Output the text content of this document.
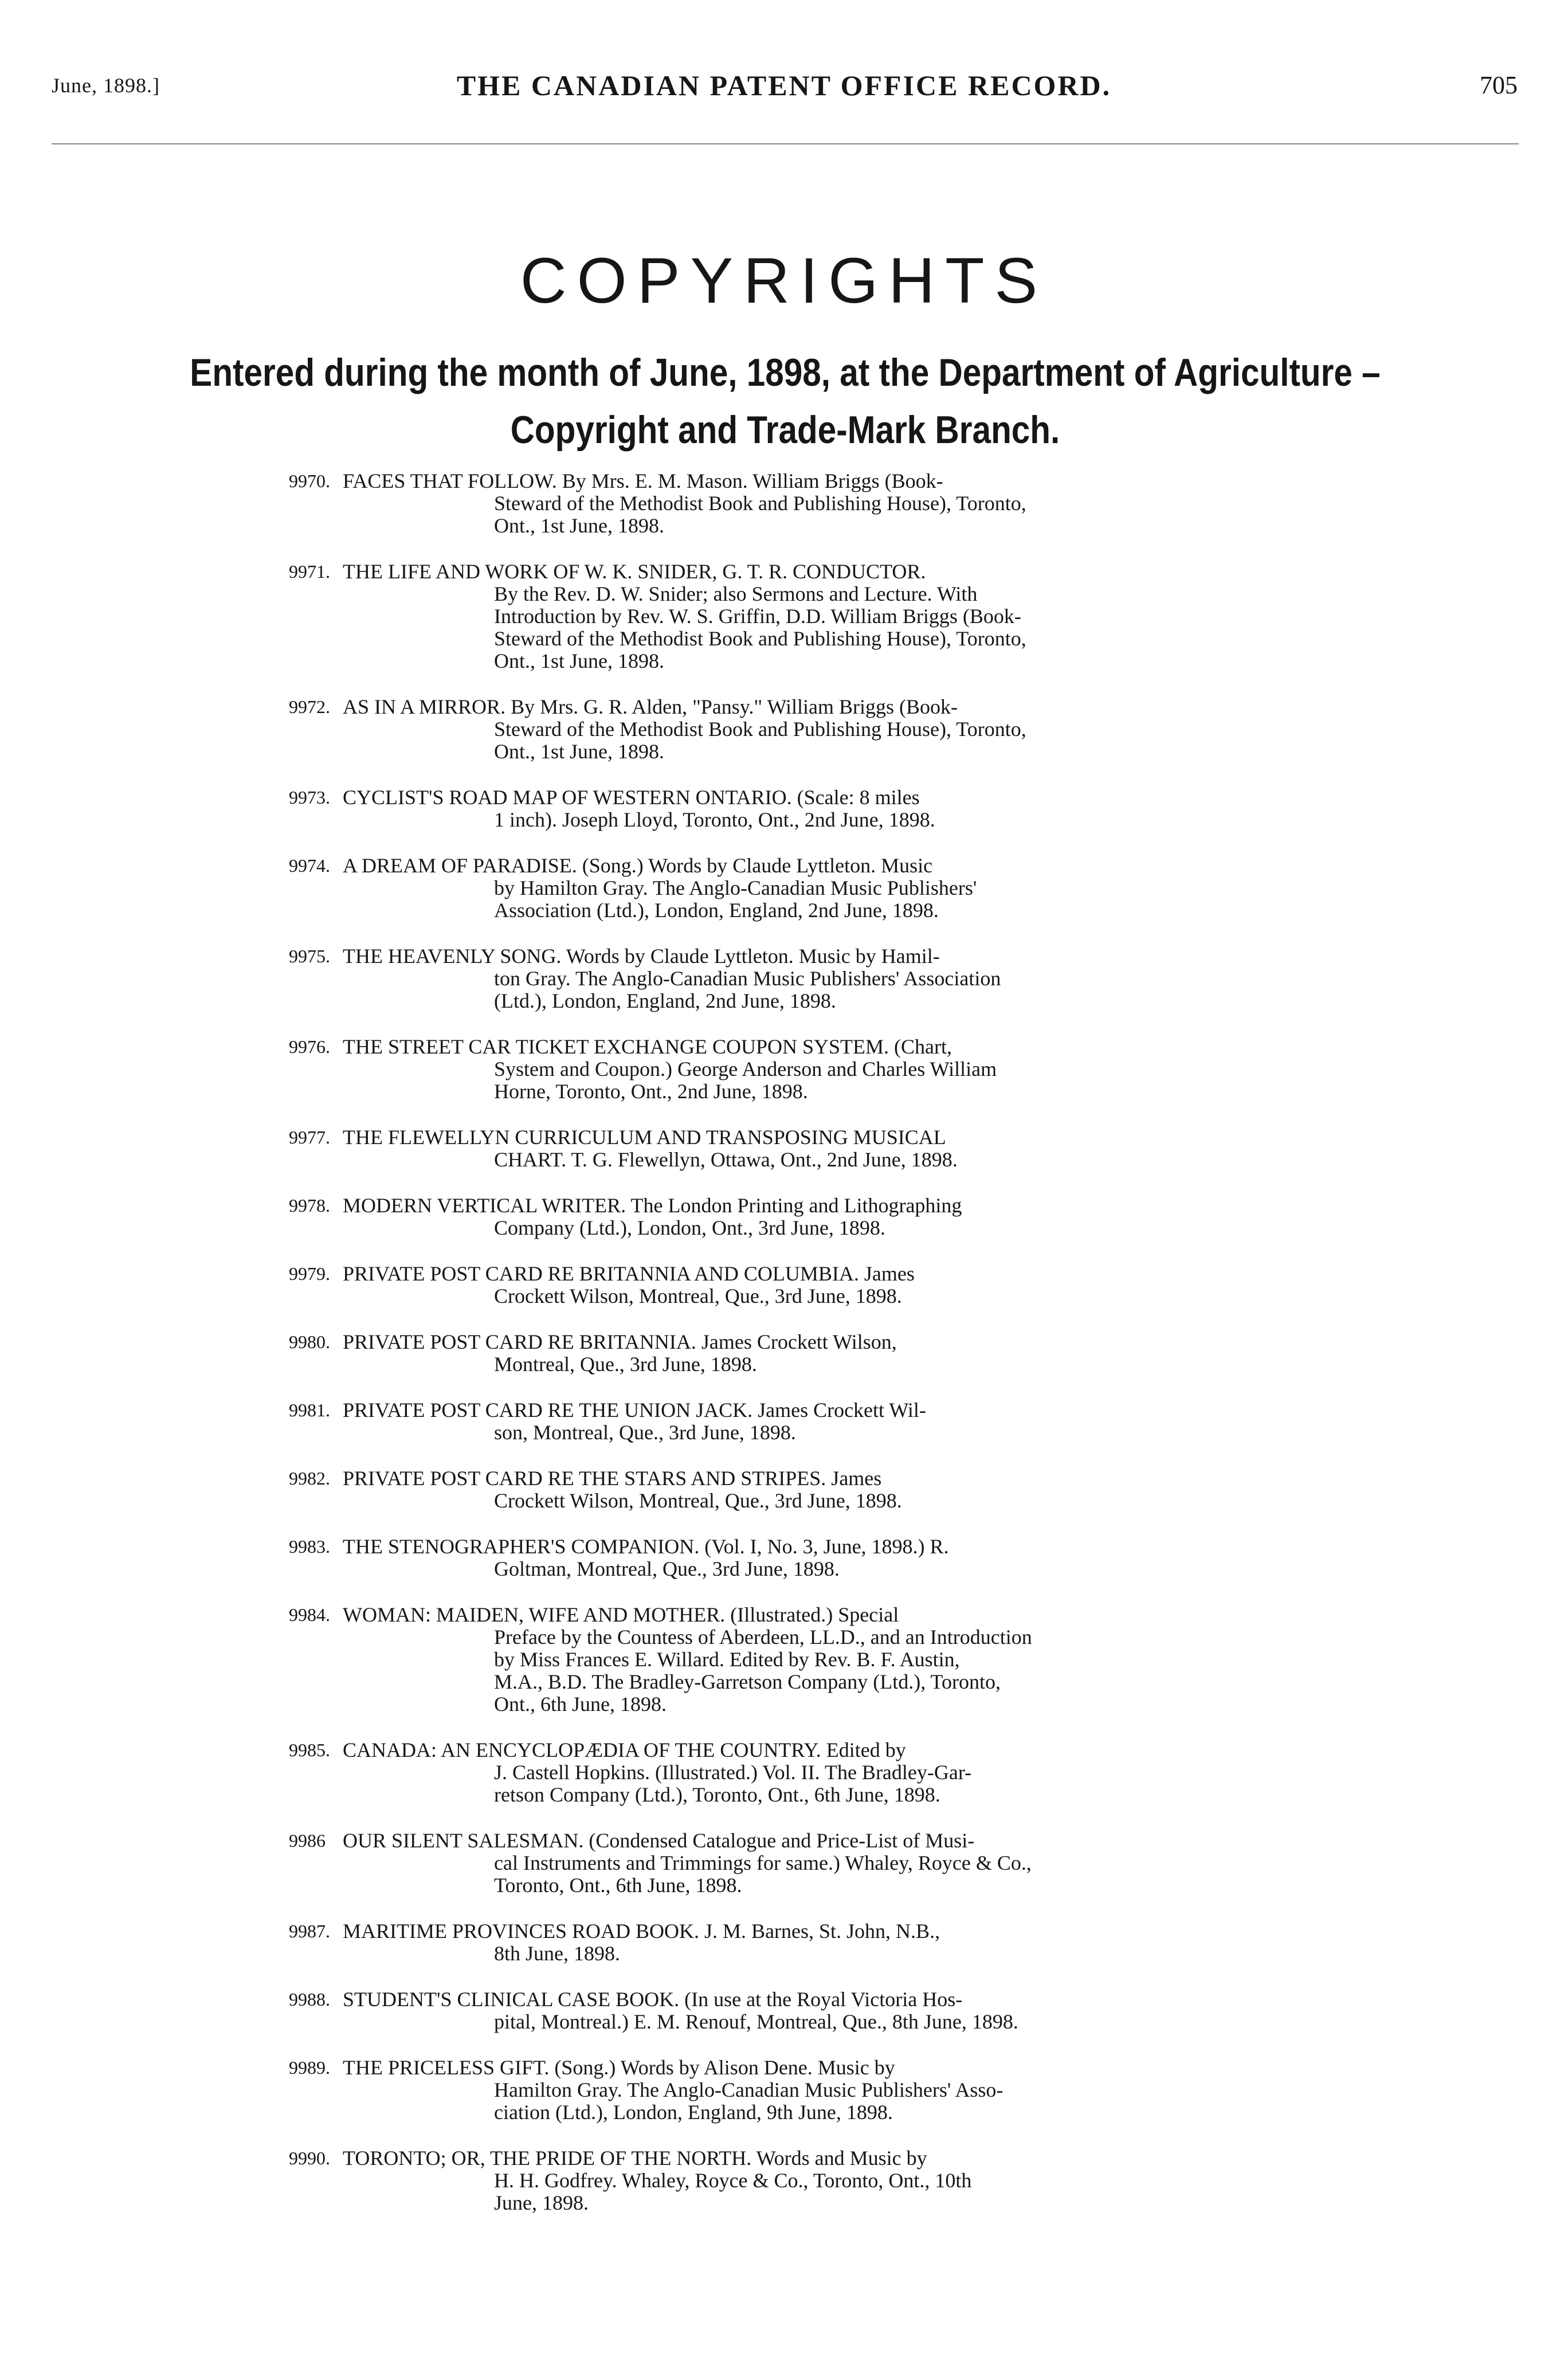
June, 1898.]	THE CANADIAN PATENT OFFICE RECORD.	705
COPYRIGHTS
Entered during the month of June, 1898, at the Department of Agriculture –
Copyright and Trade-Mark Branch.
9970. FACES THAT FOLLOW. By Mrs. E. M. Mason. William Briggs (Book-
Steward of the Methodist Book and Publishing House), Toronto,
Ont., 1st June, 1898.
9971. THE LIFE AND WORK OF W. K. SNIDER, G. T. R. CONDUCTOR.
By the Rev. D. W. Snider; also Sermons and Lecture. With
Introduction by Rev. W. S. Griffin, D.D. William Briggs (Book-
Steward of the Methodist Book and Publishing House), Toronto,
Ont., 1st June, 1898.
9972. AS IN A MIRROR. By Mrs. G. R. Alden, "Pansy." William Briggs (Book-
Steward of the Methodist Book and Publishing House), Toronto,
Ont., 1st June, 1898.
9973. CYCLIST'S ROAD MAP OF WESTERN ONTARIO. (Scale: 8 miles
1 inch). Joseph Lloyd, Toronto, Ont., 2nd June, 1898.
9974. A DREAM OF PARADISE. (Song.) Words by Claude Lyttleton. Music
by Hamilton Gray. The Anglo-Canadian Music Publishers'
Association (Ltd.), London, England, 2nd June, 1898.
9975. THE HEAVENLY SONG. Words by Claude Lyttleton. Music by Hamil-
ton Gray. The Anglo-Canadian Music Publishers' Association
(Ltd.), London, England, 2nd June, 1898.
9976. THE STREET CAR TICKET EXCHANGE COUPON SYSTEM. (Chart,
System and Coupon.) George Anderson and Charles William
Horne, Toronto, Ont., 2nd June, 1898.
9977. THE FLEWELLYN CURRICULUM AND TRANSPOSING MUSICAL
CHART. T. G. Flewellyn, Ottawa, Ont., 2nd June, 1898.
9978. MODERN VERTICAL WRITER. The London Printing and Lithographing
Company (Ltd.), London, Ont., 3rd June, 1898.
9979. PRIVATE POST CARD RE BRITANNIA AND COLUMBIA. James
Crockett Wilson, Montreal, Que., 3rd June, 1898.
9980. PRIVATE POST CARD RE BRITANNIA. James Crockett Wilson,
Montreal, Que., 3rd June, 1898.
9981. PRIVATE POST CARD RE THE UNION JACK. James Crockett Wil-
son, Montreal, Que., 3rd June, 1898.
9982. PRIVATE POST CARD RE THE STARS AND STRIPES. James
Crockett Wilson, Montreal, Que., 3rd June, 1898.
9983. THE STENOGRAPHER'S COMPANION. (Vol. I, No. 3, June, 1898.) R.
Goltman, Montreal, Que., 3rd June, 1898.
9984. WOMAN: MAIDEN, WIFE AND MOTHER. (Illustrated.) Special
Preface by the Countess of Aberdeen, LL.D., and an Introduction
by Miss Frances E. Willard. Edited by Rev. B. F. Austin,
M.A., B.D. The Bradley-Garretson Company (Ltd.), Toronto,
Ont., 6th June, 1898.
9985. CANADA: AN ENCYCLOPÆDIA OF THE COUNTRY. Edited by
J. Castell Hopkins. (Illustrated.) Vol. II. The Bradley-Gar-
retson Company (Ltd.), Toronto, Ont., 6th June, 1898.
9986 OUR SILENT SALESMAN. (Condensed Catalogue and Price-List of Musi-
cal Instruments and Trimmings for same.) Whaley, Royce & Co.,
Toronto, Ont., 6th June, 1898.
9987. MARITIME PROVINCES ROAD BOOK. J. M. Barnes, St. John, N.B.,
8th June, 1898.
9988. STUDENT'S CLINICAL CASE BOOK. (In use at the Royal Victoria Hos-
pital, Montreal.) E. M. Renouf, Montreal, Que., 8th June, 1898.
9989. THE PRICELESS GIFT. (Song.) Words by Alison Dene. Music by
Hamilton Gray. The Anglo-Canadian Music Publishers' Asso-
ciation (Ltd.), London, England, 9th June, 1898.
9990. TORONTO; OR, THE PRIDE OF THE NORTH. Words and Music by
H. H. Godfrey. Whaley, Royce & Co., Toronto, Ont., 10th
June, 1898.
